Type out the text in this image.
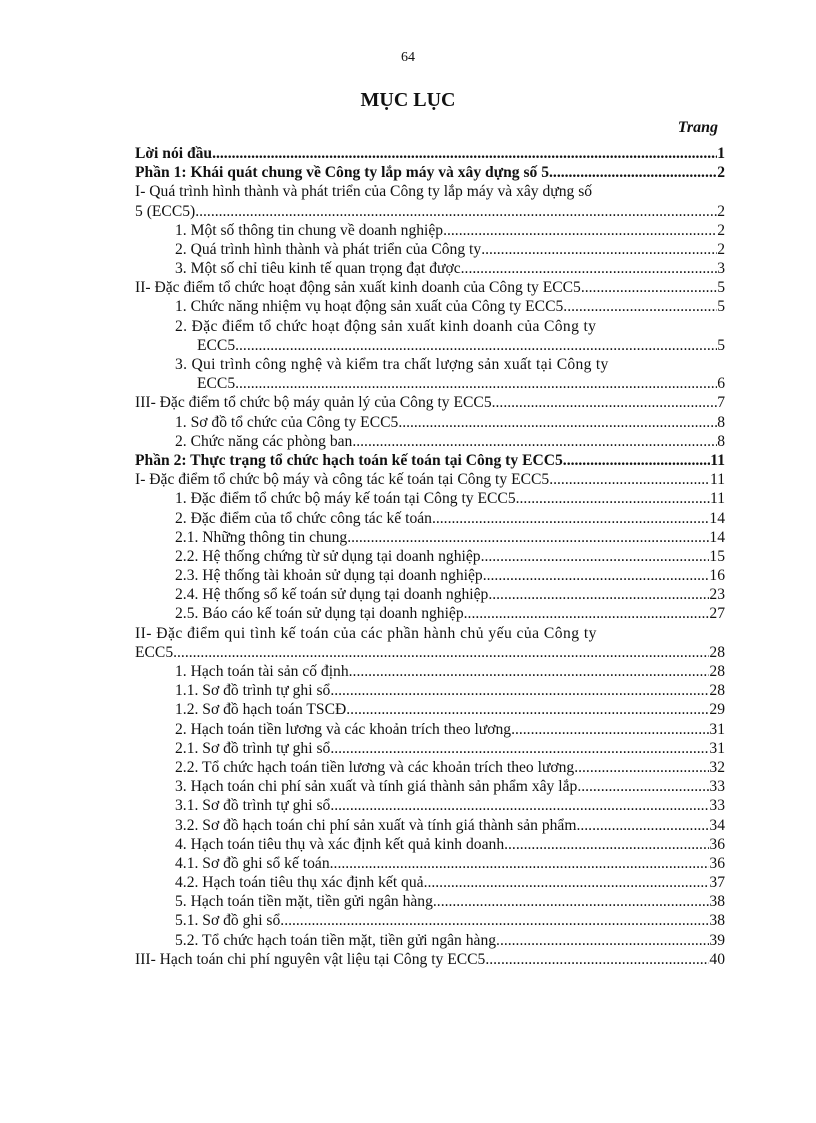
64
MỤC LỤC
Trang
Lời nói đầu .....	1
Phần 1: Khái quát chung về Công ty lắp máy và xây dựng số 5 .....	2
I- Quá trình hình thành và phát triển của Công ty lắp máy và xây dựng số
5 (ECC5) .....	2
1. Một số thông tin chung về doanh nghiệp .....	2
2. Quá trình hình thành và phát triển của Công ty .....	2
3. Một số chỉ tiêu kinh tế quan trọng đạt được .....	3
II- Đặc điểm tổ chức hoạt động sản xuất kinh doanh của Công ty ECC5 .....	5
1. Chức năng nhiệm vụ hoạt động sản xuất của Công ty ECC5 .....	5
2. Đặc điểm tổ chức hoạt động sản xuất kinh doanh của Công ty
ECC5 .....	5
3. Qui trình công nghệ và kiểm tra chất lượng sản xuất tại Công ty
ECC5 .....	6
III- Đặc điểm tổ chức bộ máy quản lý của Công ty ECC5 .....	7
1. Sơ đồ tổ chức của Công ty ECC5 .....	8
2. Chức năng các phòng ban .....	8
Phần 2: Thực trạng tổ chức hạch toán kế toán tại Công ty ECC5 .....	11
I- Đặc điểm tổ chức bộ máy và công tác kế toán tại Công ty ECC5 .....	11
1. Đặc điểm tổ chức bộ máy kế toán tại Công ty ECC5 .....	11
2. Đặc điểm của tổ chức công tác kế toán .....	14
2.1. Những thông tin chung .....	14
2.2. Hệ thống chứng từ sử dụng tại doanh nghiệp .....	15
2.3. Hệ thống tài khoản sử dụng tại doanh nghiệp .....	16
2.4. Hệ thống sổ kế toán sử dụng tại doanh nghiệp .....	23
2.5. Báo cáo kế toán sử dụng tại doanh nghiệp .....	27
II- Đặc điểm qui tình kế toán của các phần hành chủ yếu của Công ty
ECC5 .....	28
1. Hạch toán tài sản cố định .....	28
1.1. Sơ đồ trình tự ghi sổ .....	28
1.2. Sơ đồ hạch toán TSCĐ .....	29
2. Hạch toán tiền lương và các khoản trích theo lương .....	31
2.1. Sơ đồ trình tự ghi sổ .....	31
2.2. Tổ chức hạch toán tiền lương và các khoản trích theo lương .....	32
3. Hạch toán chi phí sản xuất và tính giá thành sản phẩm xây lắp .....	33
3.1. Sơ đồ trình tự ghi sổ .....	33
3.2. Sơ đồ hạch toán chi phí sản xuất và tính giá thành sản phẩm .....	34
4. Hạch toán tiêu thụ và xác định kết quả kinh doanh .....	36
4.1. Sơ đồ ghi sổ kế toán .....	36
4.2. Hạch toán tiêu thụ xác định kết quả .....	37
5. Hạch toán tiền mặt, tiền gửi ngân hàng .....	38
5.1. Sơ đồ ghi sổ .....	38
5.2. Tổ chức hạch toán tiền mặt, tiền gửi ngân hàng .....	39
III- Hạch toán chi phí nguyên vật liệu tại Công ty ECC5 .....	40
